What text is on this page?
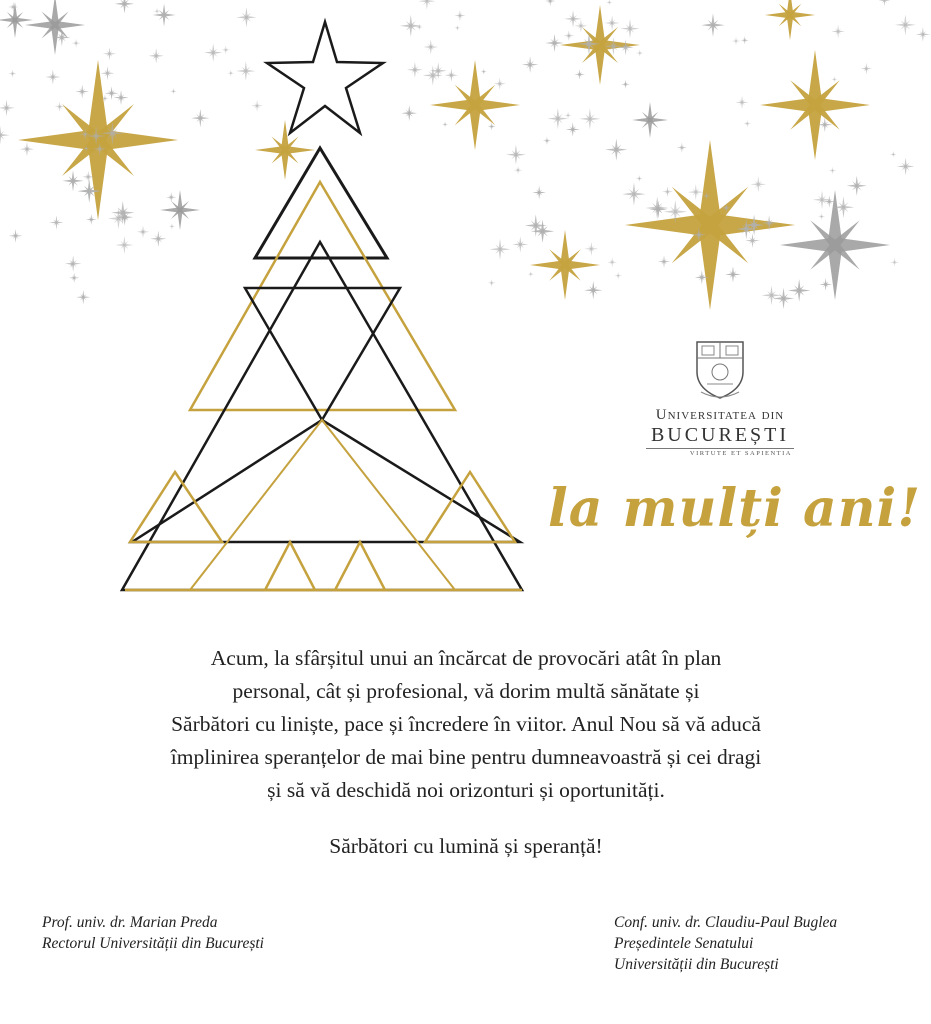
Universitatea din
BUCUREȘTI
VIRTUTE ET SAPIENTIA
la mulți ani!

Acum, la sfârșitul unui an încărcat de provocări atât în plan

personal, cât și profesional, vă dorim multă sănătate și

Sărbători cu liniște, pace și încredere în viitor. Anul Nou să vă aducă

împlinirea speranțelor de mai bine pentru dumneavoastră și cei dragi

și să vă deschidă noi orizonturi și oportunități.

Sărbători cu lumină și speranță!
Prof. univ. dr. Marian Preda
Rectorul Universității din București
Conf. univ. dr. Claudiu-Paul Buglea
Președintele Senatului
Universității din București
